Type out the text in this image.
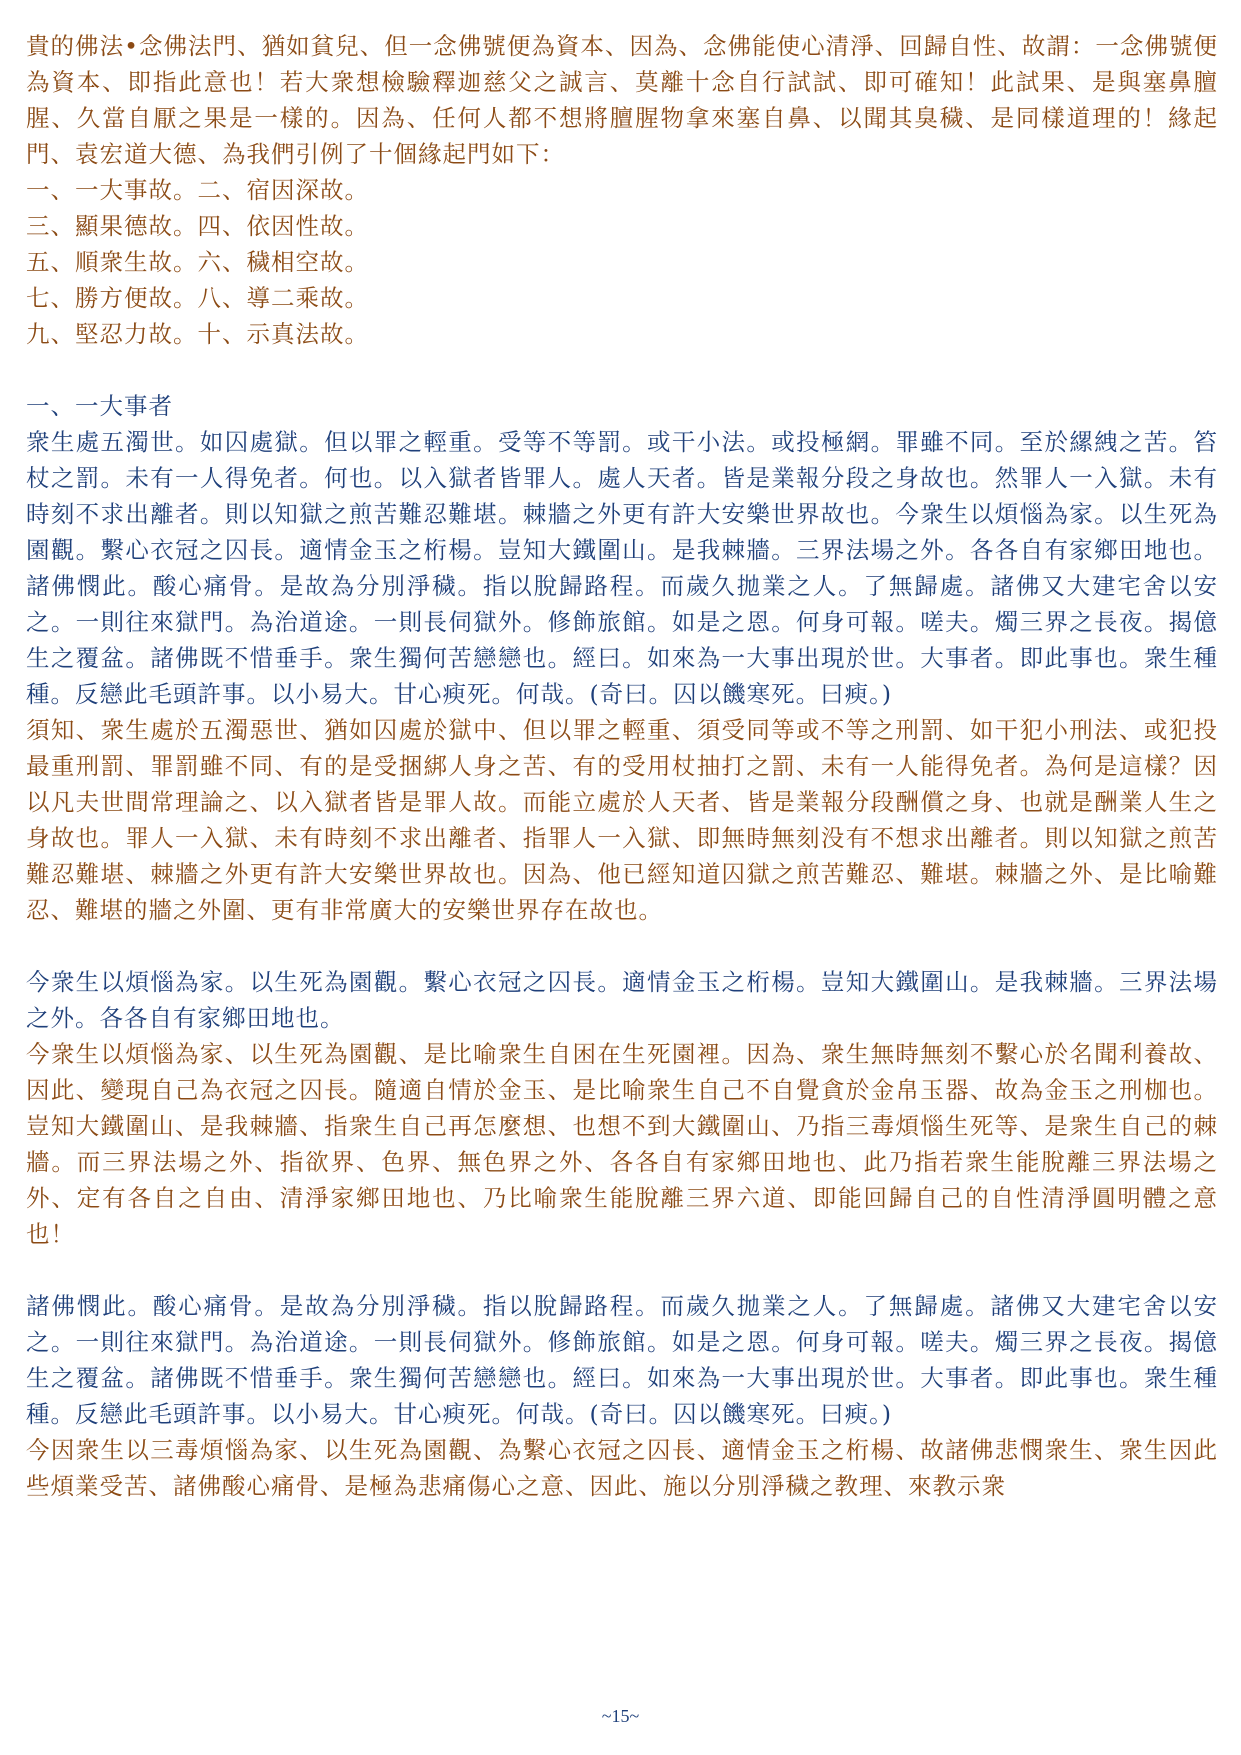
貴的佛法•念佛法門、猶如貧兒、但一念佛號便為資本、因為、念佛能使心清淨、回歸自性、故謂：一念佛號便為資本、即指此意也！若大衆想檢驗釋迦慈父之誠言、莫離十念自行試試、即可確知！此試果、是與塞鼻膻腥、久當自厭之果是一樣的。因為、任何人都不想將膻腥物拿來塞自鼻、以聞其臭穢、是同樣道理的！緣起門、袁宏道大德、為我們引例了十個緣起門如下：
一、一大事故。二、宿因深故。
三、顯果德故。四、依因性故。
五、順衆生故。六、穢相空故。
七、勝方便故。八、導二乘故。
九、堅忍力故。十、示真法故。
一、一大事者
衆生處五濁世。如囚處獄。但以罪之輕重。受等不等罰。或干小法。或投極網。罪雖不同。至於縲絏之苦。笞杖之罰。未有一人得免者。何也。以入獄者皆罪人。處人天者。皆是業報分段之身故也。然罪人一入獄。未有時刻不求出離者。則以知獄之煎苦難忍難堪。棘牆之外更有許大安樂世界故也。今衆生以煩惱為家。以生死為園觀。繫心衣冠之囚長。適情金玉之桁楊。豈知大鐵圍山。是我棘牆。三界法場之外。各各自有家鄉田地也。諸佛憫此。酸心痛骨。是故為分別淨穢。指以脫歸路程。而歲久拋業之人。了無歸處。諸佛又大建宅舍以安之。一則往來獄門。為治道途。一則長伺獄外。修飾旅館。如是之恩。何身可報。嗟夫。燭三界之長夜。揭億生之覆盆。諸佛既不惜垂手。衆生獨何苦戀戀也。經曰。如來為一大事出現於世。大事者。即此事也。衆生種種。反戀此毛頭許事。以小易大。甘心瘐死。何哉。(奇曰。囚以饑寒死。曰瘐。)
須知、衆生處於五濁惡世、猶如囚處於獄中、但以罪之輕重、須受同等或不等之刑罰、如干犯小刑法、或犯投最重刑罰、罪罰雖不同、有的是受捆綁人身之苦、有的受用杖抽打之罰、未有一人能得免者。為何是這樣？因以凡夫世間常理論之、以入獄者皆是罪人故。而能立處於人天者、皆是業報分段酬償之身、也就是酬業人生之身故也。罪人一入獄、未有時刻不求出離者、指罪人一入獄、即無時無刻没有不想求出離者。則以知獄之煎苦難忍難堪、棘牆之外更有許大安樂世界故也。因為、他已經知道囚獄之煎苦難忍、難堪。棘牆之外、是比喻難忍、難堪的牆之外圍、更有非常廣大的安樂世界存在故也。
今衆生以煩惱為家。以生死為園觀。繫心衣冠之囚長。適情金玉之桁楊。豈知大鐵圍山。是我棘牆。三界法場之外。各各自有家鄉田地也。
今衆生以煩惱為家、以生死為園觀、是比喻衆生自困在生死園裡。因為、衆生無時無刻不繫心於名聞利養故、因此、變現自己為衣冠之囚長。隨適自情於金玉、是比喻衆生自己不自覺貪於金帛玉器、故為金玉之刑枷也。豈知大鐵圍山、是我棘牆、指衆生自己再怎麼想、也想不到大鐵圍山、乃指三毒煩惱生死等、是衆生自己的棘牆。而三界法場之外、指欲界、色界、無色界之外、各各自有家鄉田地也、此乃指若衆生能脫離三界法場之外、定有各自之自由、清淨家鄉田地也、乃比喻衆生能脫離三界六道、即能回歸自己的自性清淨圓明體之意也！
諸佛憫此。酸心痛骨。是故為分別淨穢。指以脫歸路程。而歲久拋業之人。了無歸處。諸佛又大建宅舍以安之。一則往來獄門。為治道途。一則長伺獄外。修飾旅館。如是之恩。何身可報。嗟夫。燭三界之長夜。揭億生之覆盆。諸佛既不惜垂手。衆生獨何苦戀戀也。經曰。如來為一大事出現於世。大事者。即此事也。衆生種種。反戀此毛頭許事。以小易大。甘心瘐死。何哉。(奇曰。囚以饑寒死。曰瘐。)
今因衆生以三毒煩惱為家、以生死為園觀、為繫心衣冠之囚長、適情金玉之桁楊、故諸佛悲憫衆生、衆生因此些煩業受苦、諸佛酸心痛骨、是極為悲痛傷心之意、因此、施以分別淨穢之教理、來教示衆
~15~
